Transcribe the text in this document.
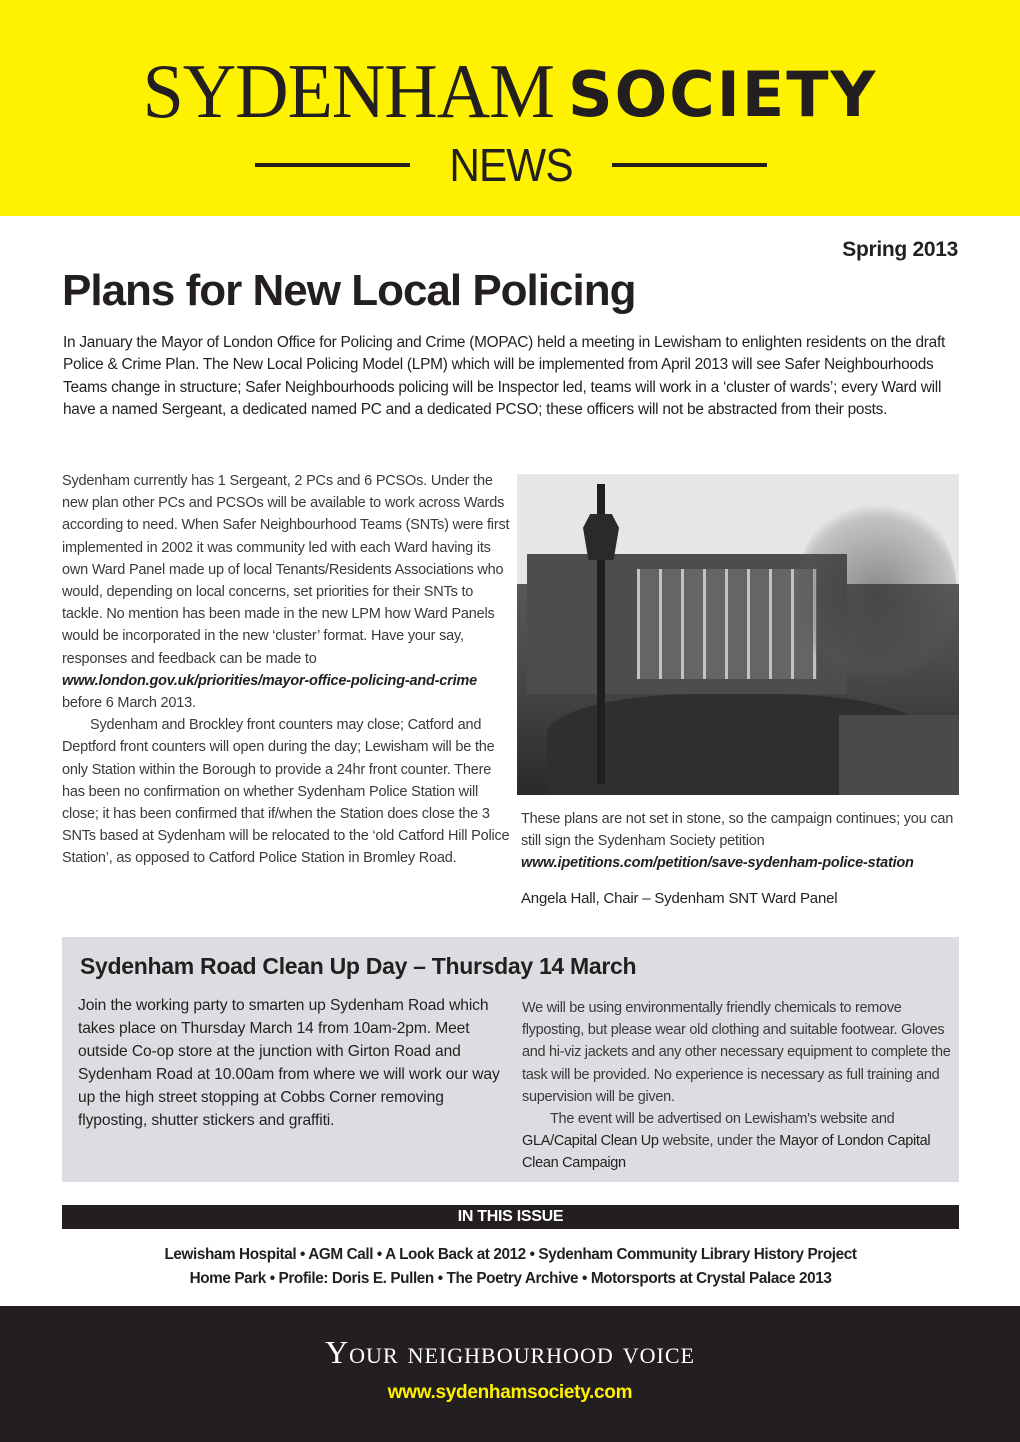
SYDENHAM SOCIETY
NEWS
Spring 2013
Plans for New Local Policing

In January the Mayor of London Office for Policing and Crime (MOPAC) held a meeting in Lewisham to enlighten residents on the draft Police & Crime Plan. The New Local Policing Model (LPM) which will be implemented from April 2013 will see Safer Neighbourhoods Teams change in structure; Safer Neighbourhoods policing will be Inspector led, teams will work in a ‘cluster of wards’; every Ward will have a named Sergeant, a dedicated named PC and a dedicated PCSO; these officers will not be abstracted from their posts.

Sydenham currently has 1 Sergeant, 2 PCs and 6 PCSOs. Under the new plan other PCs and PCSOs will be available to work across Wards according to need. When Safer Neighbourhood Teams (SNTs) were first implemented in 2002 it was community led with each Ward having its own Ward Panel made up of local Tenants/Residents Associations who would, depending on local concerns, set priorities for their SNTs to tackle. No mention has been made in the new LPM how Ward Panels would be incorporated in the new ‘cluster’ format. Have your say, responses and feedback can be made to www.london.gov.uk/priorities/mayor-office-policing-and-crime before 6 March 2013.

Sydenham and Brockley front counters may close; Catford and Deptford front counters will open during the day; Lewisham will be the only Station within the Borough to provide a 24hr front counter. There has been no confirmation on whether Sydenham Police Station will close; it has been confirmed that if/when the Station does close the 3 SNTs based at Sydenham will be relocated to the ‘old Catford Hill Police Station’, as opposed to Catford Police Station in Bromley Road.

These plans are not set in stone, so the campaign continues; you can still sign the Sydenham Society petition www.ipetitions.com/petition/save-sydenham-police-station

Angela Hall, Chair – Sydenham SNT Ward Panel
Sydenham Road Clean Up Day – Thursday 14 March

Join the working party to smarten up Sydenham Road which takes place on Thursday March 14 from 10am-2pm. Meet outside Co-op store at the junction with Girton Road and Sydenham Road at 10.00am from where we will work our way up the high street stopping at Cobbs Corner removing flyposting, shutter stickers and graffiti.

We will be using environmentally friendly chemicals to remove flyposting, but please wear old clothing and suitable footwear. Gloves and hi-viz jackets and any other necessary equipment to complete the task will be provided. No experience is necessary as full training and supervision will be given.

The event will be advertised on Lewisham's website and GLA/Capital Clean Up website, under the Mayor of London Capital Clean Campaign

IN THIS ISSUE
Lewisham Hospital • AGM Call • A Look Back at 2012 • Sydenham Community Library History Project
Home Park • Profile: Doris E. Pullen • The Poetry Archive • Motorsports at Crystal Palace 2013
Your neighbourhood voice
www.sydenhamsociety.com
